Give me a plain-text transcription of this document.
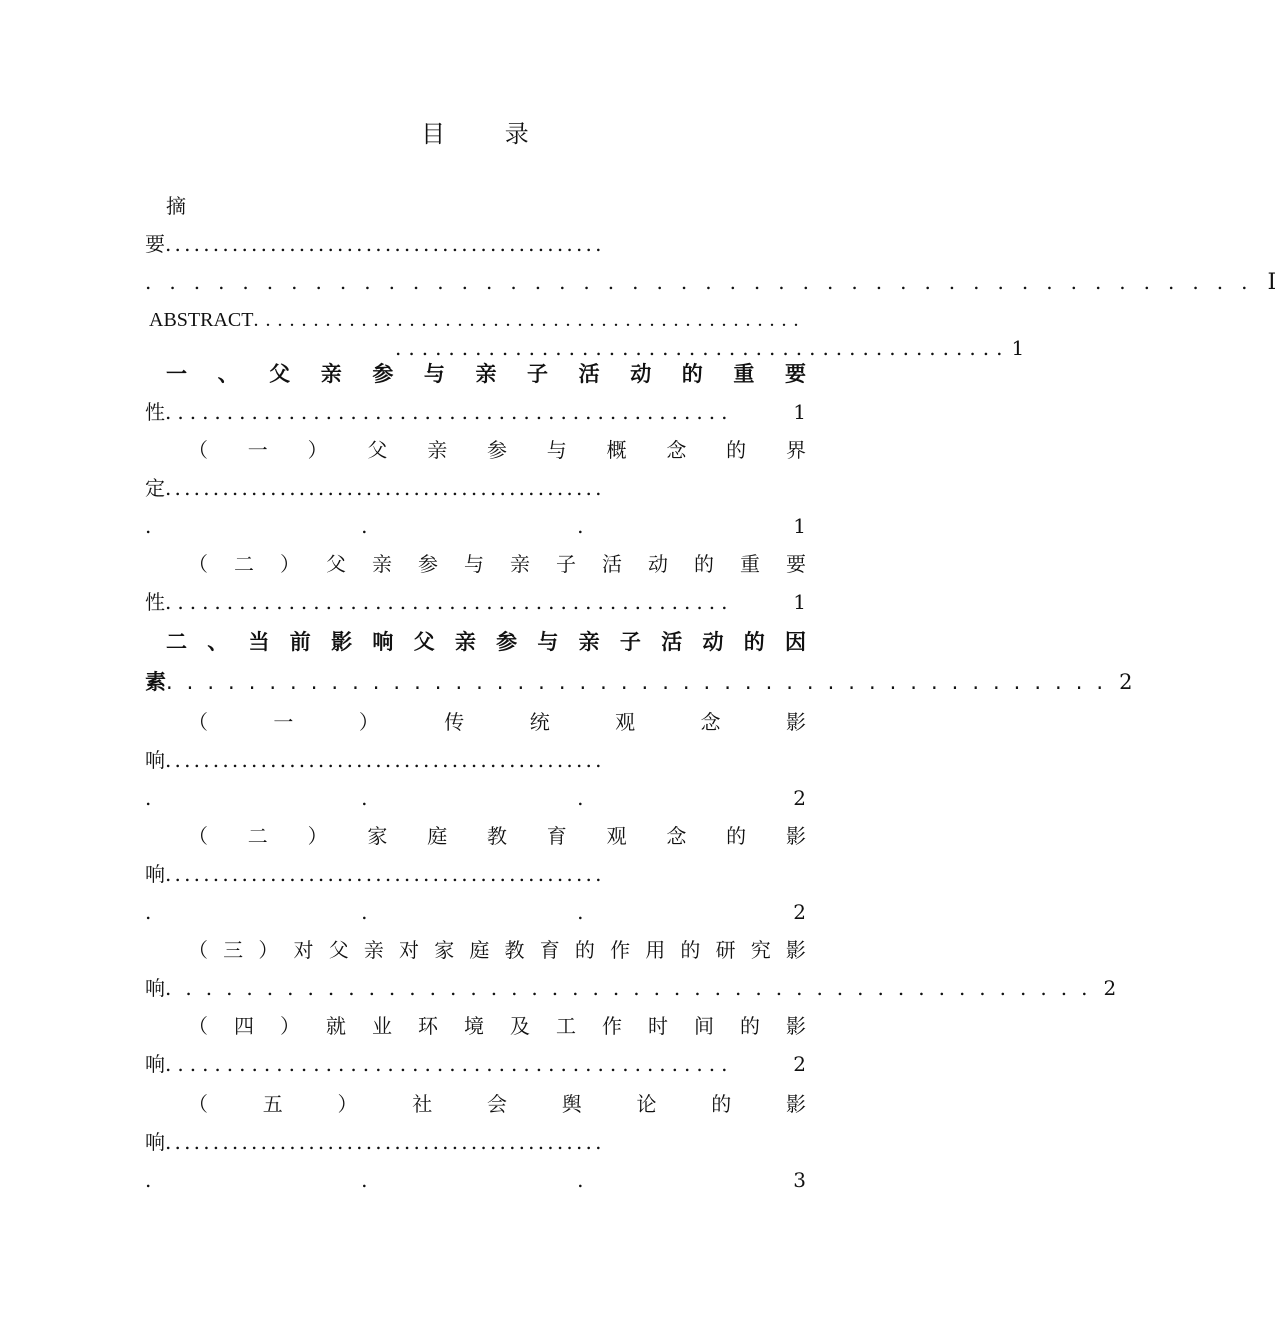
目 录
摘
要 ..............................................
.............................................. I
ABSTRACT ..............................................
.............................................. 1
一 、 父 亲 参 与 亲 子 活 动 的 重 要
性 ..............................................	1
（ 一 ） 父 亲 参 与 概 念 的 界
定 ..............................................
.	.	.	1
（ 二 ） 父 亲 参 与 亲 子 活 动 的 重 要
性 ..............................................	1
二 、 当 前 影 响 父 亲 参 与 亲 子 活 动 的 因
素 .............................................. 2
（	一	）	传	统	观	念	影
响 ..............................................
.	.	.	2
（ 二 ） 家 庭 教 育 观 念 的 影
响 ..............................................
.	.	.	2
（ 三 ） 对 父 亲 对 家 庭 教 育 的 作 用 的 研 究 影
响 .............................................. 2
（ 四 ） 就 业 环 境 及 工 作 时 间 的 影
响 ..............................................	2
（	五	）	社	会	舆	论	的	影
响 ..............................................
.	.	.	3
